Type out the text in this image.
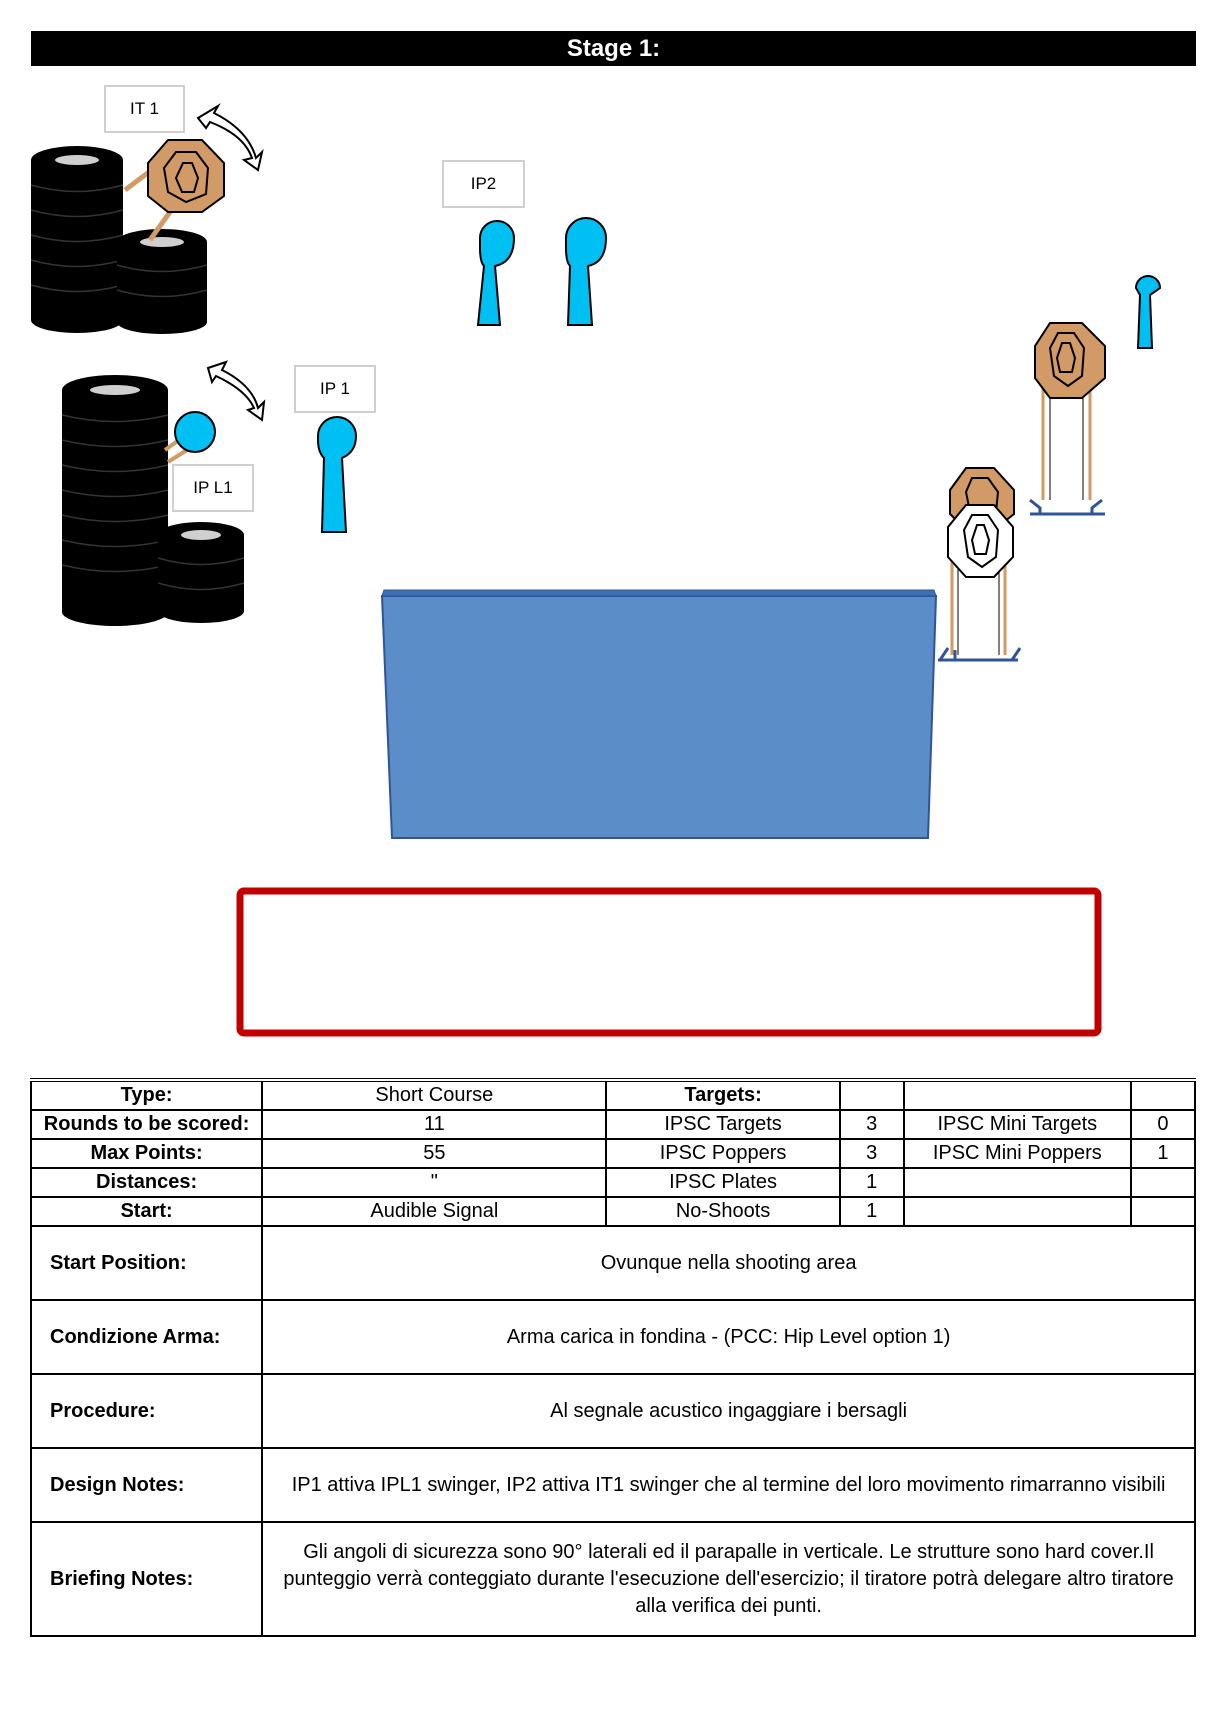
Stage 1:
IT 1
IP2
IP 1
IP L1
Type:	Short Course	Targets:			
Rounds to be scored:	11	IPSC Targets	3	IPSC Mini Targets	0
Max Points:	55	IPSC Poppers	3	IPSC Mini Poppers	1
Distances:	"	IPSC Plates	1		
Start:	Audible Signal	No-Shoots	1		
Start Position:	Ovunque nella shooting area				
Condizione Arma:	Arma carica in fondina - (PCC: Hip Level option 1)				
Procedure:	Al segnale acustico ingaggiare i bersagli				
Design Notes:	IP1 attiva IPL1 swinger, IP2 attiva IT1 swinger che al termine del loro movimento rimarranno visibili				
Briefing Notes:	Gli angoli di sicurezza sono 90° laterali ed il parapalle in verticale. Le strutture sono hard cover.Il punteggio verrà conteggiato durante l'esecuzione dell'esercizio; il tiratore potrà delegare altro tiratore alla verifica dei punti.				
